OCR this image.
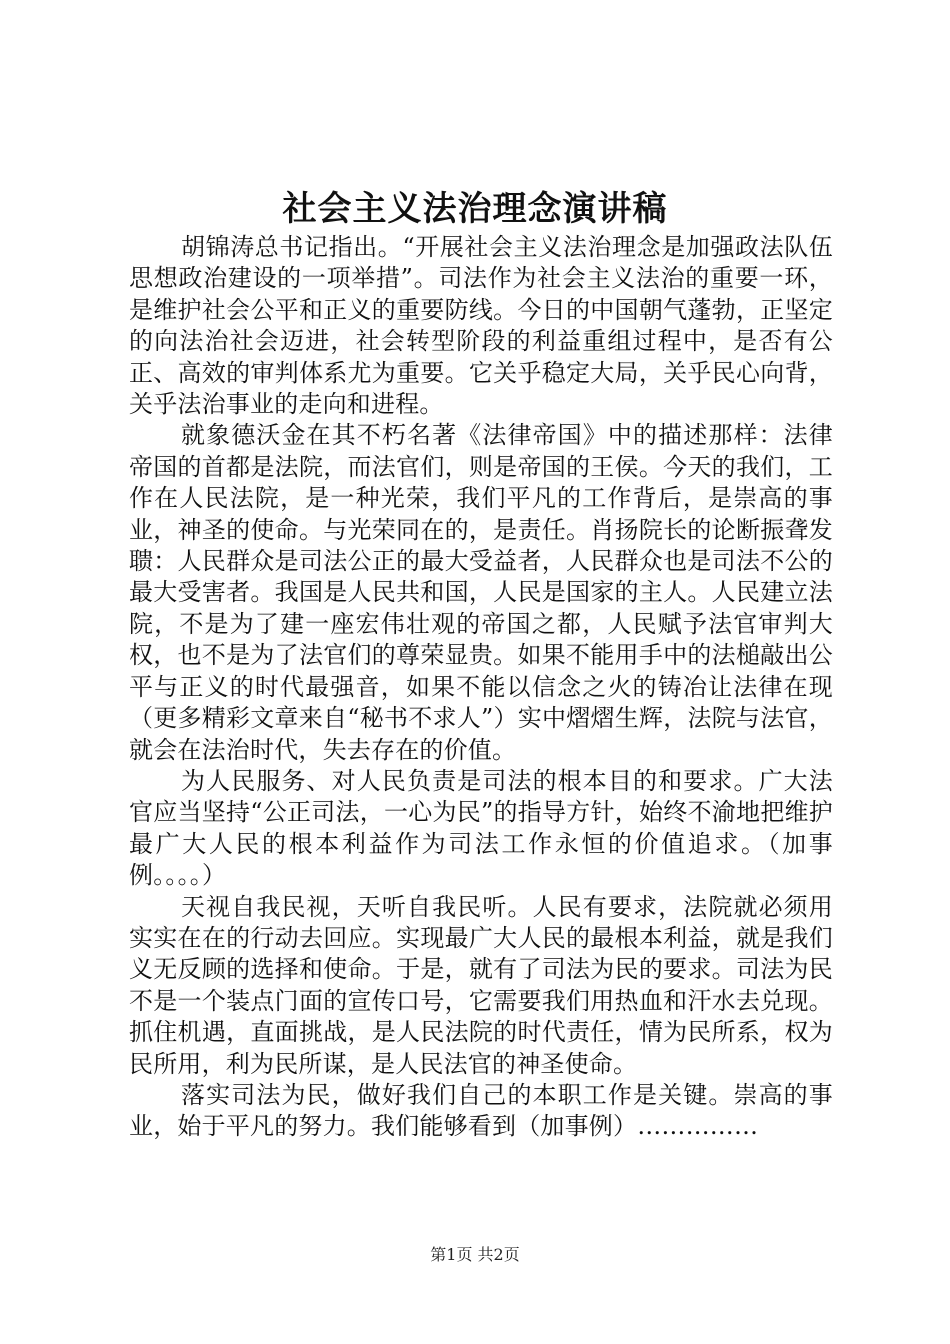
社会主义法治理念演讲稿

胡锦涛总书记指出。“开展社会主义法治理念是加强政法队伍思想政治建设的一项举措”。司法作为社会主义法治的重要一环，是维护社会公平和正义的重要防线。今日的中国朝气蓬勃，正坚定的向法治社会迈进，社会转型阶段的利益重组过程中，是否有公正、高效的审判体系尤为重要。它关乎稳定大局，关乎民心向背，关乎法治事业的走向和进程。

就象德沃金在其不朽名著《法律帝国》中的描述那样：法律帝国的首都是法院，而法官们，则是帝国的王侯。今天的我们，工作在人民法院，是一种光荣，我们平凡的工作背后，是崇高的事业，神圣的使命。与光荣同在的，是责任。肖扬院长的论断振聋发聩：人民群众是司法公正的最大受益者，人民群众也是司法不公的最大受害者。我国是人民共和国，人民是国家的主人。人民建立法院，不是为了建一座宏伟壮观的帝国之都，人民赋予法官审判大权，也不是为了法官们的尊荣显贵。如果不能用手中的法槌敲出公平与正义的时代最强音，如果不能以信念之火的铸冶让法律在现（更多精彩文章来自“秘书不求人”）实中熠熠生辉，法院与法官，就会在法治时代，失去存在的价值。

为人民服务、对人民负责是司法的根本目的和要求。广大法官应当坚持“公正司法，一心为民”的指导方针，始终不渝地把维护最广大人民的根本利益作为司法工作永恒的价值追求。（加事例。。。。）

天视自我民视，天听自我民听。人民有要求，法院就必须用实实在在的行动去回应。实现最广大人民的最根本利益，就是我们义无反顾的选择和使命。于是，就有了司法为民的要求。司法为民不是一个装点门面的宣传口号，它需要我们用热血和汗水去兑现。抓住机遇，直面挑战，是人民法院的时代责任，情为民所系，权为民所用，利为民所谋，是人民法官的神圣使命。

落实司法为民，做好我们自己的本职工作是关键。崇高的事业，始于平凡的努力。我们能够看到（加事例）……………

第1页 共2页
